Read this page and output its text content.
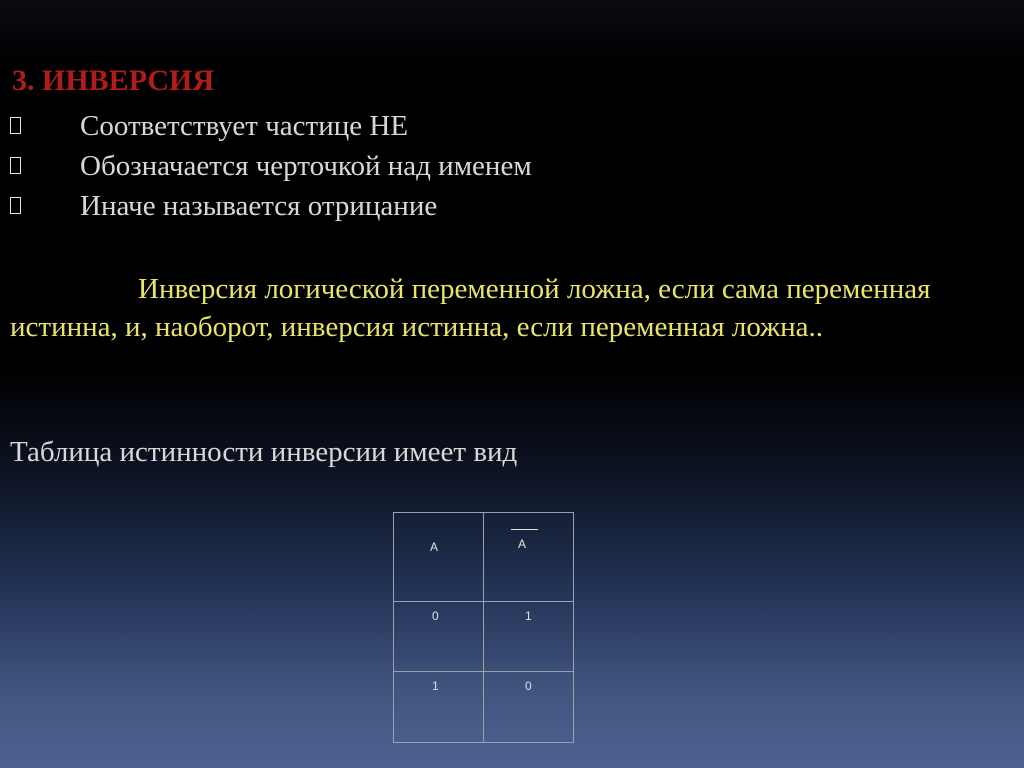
3. ИНВЕРСИЯ
Соответствует частице НЕ
Обозначается черточкой над именем
Иначе называется отрицание

Инверсия логической переменной ложна, если сама переменная истинна, и, наоборот, инверсия истинна, если переменная ложна..

Таблица истинности инверсии имеет вид
А	А

0	1

1	0
